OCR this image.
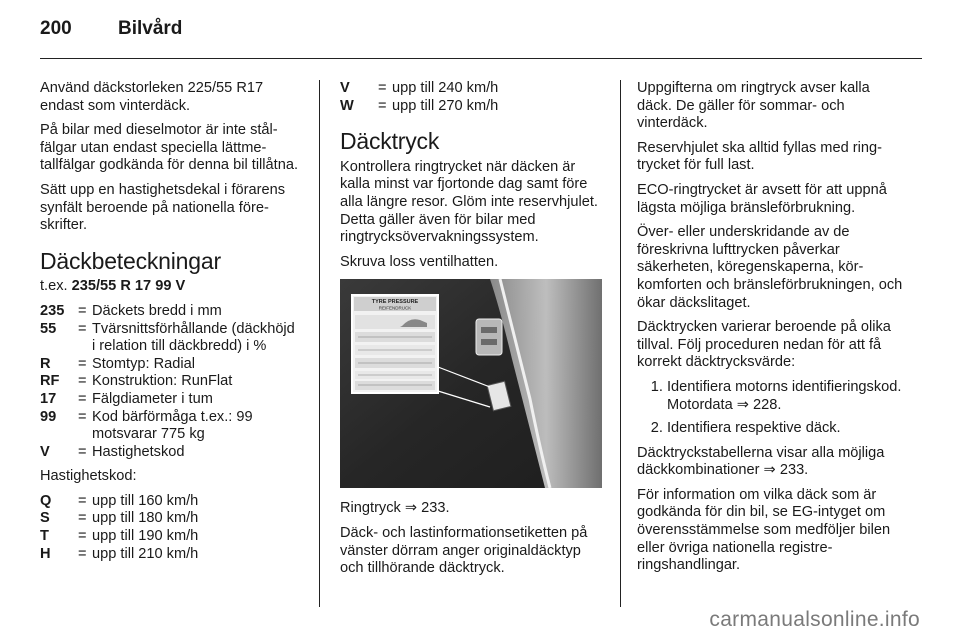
200 Bilvård

Använd däckstorleken 225/55 R17 endast som vinterdäck.

På bilar med dieselmotor är inte stålfälgar utan endast speciella lättmetallfälgar godkända för denna bil tillåtna.

Sätt upp en hastighetsdekal i förarens synfält beroende på nationella föreskrifter.

Däckbeteckningar

t.ex. 235/55 R 17 99 V

235 = Däckets bredd i mm
55	= Tvärsnittsförhållande (däckhöjd i relation till däckbredd) i %
R	= Stomtyp: Radial
RF	= Konstruktion: RunFlat
17	= Fälgdiameter i tum
99	= Kod bärförmåga t.ex.: 99 motsvarar 775 kg
V	= Hastighetskod

Hastighetskod:

Q	= upp till 160 km/h
S	= upp till 180 km/h
T	= upp till 190 km/h
H	= upp till 210 km/h
V	= upp till 240 km/h
W	= upp till 270 km/h
Däcktryck

Kontrollera ringtrycket när däcken är kalla minst var fjortonde dag samt före alla längre resor. Glöm inte reservhjulet. Detta gäller även för bilar med ringtrycksövervakningssystem.

Skruva loss ventilhatten.

TYRE PRESSURE
REIFENDRUCK

Ringtryck ⇒ 233.

Däck- och lastinformationsetiketten på vänster dörram anger originaldäcktyp och tillhörande däcktryck.

Uppgifterna om ringtryck avser kalla däck. De gäller för sommar- och vinterdäck.

Reservhjulet ska alltid fyllas med ringtrycket för full last.

ECO-ringtrycket är avsett för att uppnå lägsta möjliga bränsleförbrukning.

Över- eller underskridande av de föreskrivna lufttrycken påverkar säkerheten, köregenskaperna, körkomforten och bränsleförbrukningen, och ökar däckslitaget.

Däcktrycken varierar beroende på olika tillval. Följ proceduren nedan för att få korrekt däcktrycksvärde:

1. Identifiera motorns identifieringskod. Motordata ⇒ 228.
2. Identifiera respektive däck.

Däcktryckstabellerna visar alla möjliga däckkombinationer ⇒ 233.

För information om vilka däck som är godkända för din bil, se EG-intyget om överensstämmelse som medföljer bilen eller övriga nationella registreringshandlingar.

carmanualsonline.info
